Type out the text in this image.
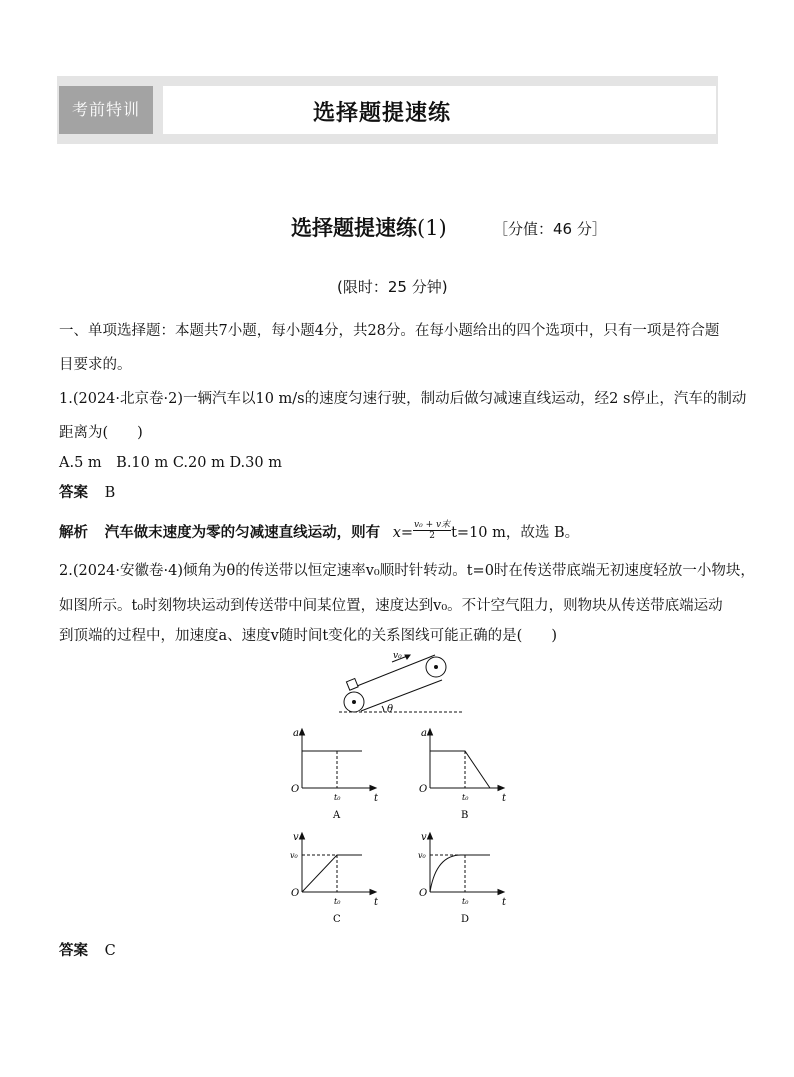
考前特训	选择题提速练
选择题提速练(1)	［分值：46 分］
(限时：25 分钟)
一、单项选择题：本题共7小题，每小题4分，共28分。在每小题给出的四个选项中，只有一项是符合题
目要求的。
1.(2024·北京卷·2)一辆汽车以10 m/s的速度匀速行驶，制动后做匀减速直线运动，经2 s停止，汽车的制动
距离为(　　)
A.5 m　B.10 m C.20 m D.30 m
答案 B
解析 汽车做末速度为零的匀减速直线运动，则有 x=
v₀ + v末
2	t=10 m，故选 B。
2.(2024·安徽卷·4)倾角为θ的传送带以恒定速率v₀顺时针转动。t=0时在传送带底端无初速度轻放一小物块，
如图所示。t₀时刻物块运动到传送带中间某位置，速度达到v₀。不计空气阻力，则物块从传送带底端运动
到顶端的过程中，加速度a、速度v随时间t变化的关系图线可能正确的是(　　)
v₀
θ
a
t
O
t₀
A
a
t
O
t₀
B
v
t
O
t₀
v₀
C
v
t
O
t₀
v₀
D
答案 C
